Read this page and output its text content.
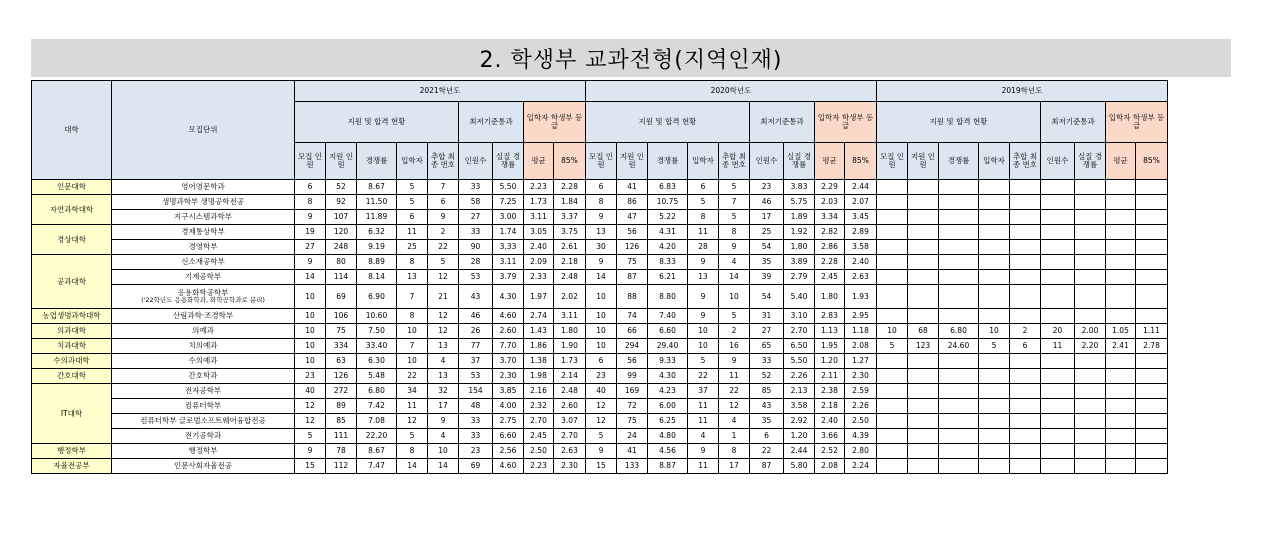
2. 학생부 교과전형(지역인재)
대학	모집단위	2021학년도									2020학년도									2019학년도								
		지원 및 합격 현황					최저기준통과		입학자 학생부 등급		지원 및 합격 현황					최저기준통과		입학자 학생부 등급		지원 및 합격 현황					최저기준통과		입학자 학생부 등급	
		모집 인원	지원 인원	경쟁률	입학자	추합 최종 번호	인원수	실질 경쟁률	평균	85%	모집 인원	지원 인원	경쟁률	입학자	추합 최종 번호	인원수	실질 경쟁률	평균	85%	모집 인원	지원 인원	경쟁률	입학자	추합 최종 번호	인원수	실질 경쟁률	평균	85%
인문대학	영어영문학과	6	52	8.67	5	7	33	5.50	2.23	2.28	6	41	6.83	6	5	23	3.83	2.29	2.44									
자연과학대학	생명과학부 생명공학전공	8	92	11.50	5	6	58	7.25	1.73	1.84	8	86	10.75	5	7	46	5.75	2.03	2.07									
	지구시스템과학부	9	107	11.89	6	9	27	3.00	3.11	3.37	9	47	5.22	8	5	17	1.89	3.34	3.45									
경상대학	경제통상학부	19	120	6.32	11	2	33	1.74	3.05	3.75	13	56	4.31	11	8	25	1.92	2.82	2.89									
	경영학부	27	248	9.19	25	22	90	3.33	2.40	2.61	30	126	4.20	28	9	54	1.80	2.86	3.58									
공과대학	신소재공학부	9	80	8.89	8	5	28	3.11	2.09	2.18	9	75	8.33	9	4	35	3.89	2.28	2.40									
	기계공학부	14	114	8.14	13	12	53	3.79	2.33	2.48	14	87	6.21	13	14	39	2.79	2.45	2.63									
	응용화학공학부
('22학년도 응용화학과, 화학공학과로 분리)	10	69	6.90	7	21	43	4.30	1.97	2.02	10	88	8.80	9	10	54	5.40	1.80	1.93									
농업생명과학대학	산림과학·조경학부	10	106	10.60	8	12	46	4.60	2.74	3.11	10	74	7.40	9	5	31	3.10	2.83	2.95									
의과대학	의예과	10	75	7.50	10	12	26	2.60	1.43	1.80	10	66	6.60	10	2	27	2.70	1.13	1.18	10	68	6.80	10	2	20	2.00	1.05	1.11
치과대학	치의예과	10	334	33.40	7	13	77	7.70	1.86	1.90	10	294	29.40	10	16	65	6.50	1.95	2.08	5	123	24.60	5	6	11	2.20	2.41	2.78
수의과대학	수의예과	10	63	6.30	10	4	37	3.70	1.38	1.73	6	56	9.33	5	9	33	5.50	1.20	1.27									
간호대학	간호학과	23	126	5.48	22	13	53	2.30	1.98	2.14	23	99	4.30	22	11	52	2.26	2.11	2.30									
IT대학	전자공학부	40	272	6.80	34	32	154	3.85	2.16	2.48	40	169	4.23	37	22	85	2.13	2.38	2.59									
	컴퓨터학부	12	89	7.42	11	17	48	4.00	2.32	2.60	12	72	6.00	11	12	43	3.58	2.18	2.26									
	컴퓨터학부 글로벌소프트웨어융합전공	12	85	7.08	12	9	33	2.75	2.70	3.07	12	75	6.25	11	4	35	2.92	2.40	2.50									
	전기공학과	5	111	22.20	5	4	33	6.60	2.45	2.70	5	24	4.80	4	1	6	1.20	3.66	4.39									
행정학부	행정학부	9	78	8.67	8	10	23	2.56	2.50	2.63	9	41	4.56	9	8	22	2.44	2.52	2.80									
자율전공부	인문사회자율전공	15	112	7.47	14	14	69	4.60	2.23	2.30	15	133	8.87	11	17	87	5.80	2.08	2.24									
